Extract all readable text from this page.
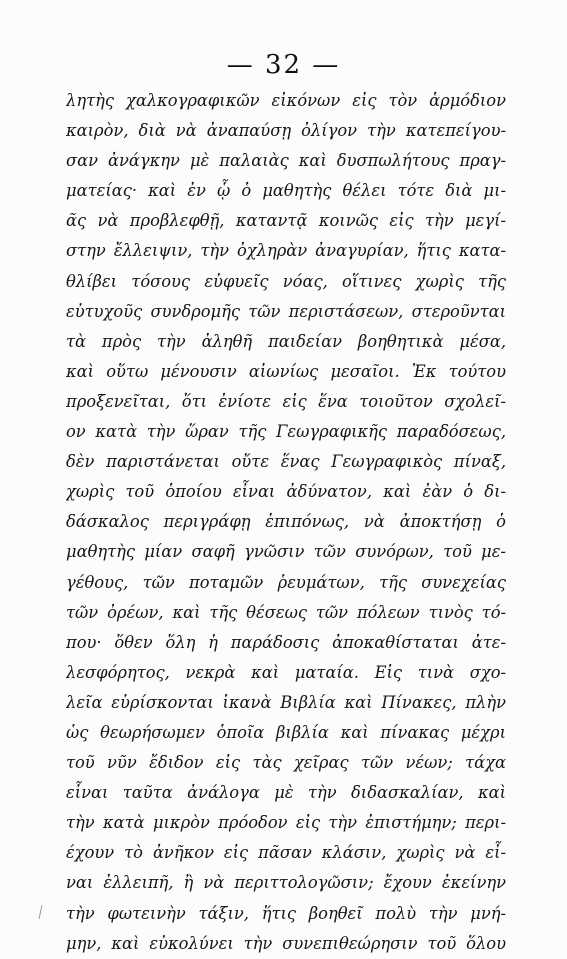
— 32 —
λητὴς χαλκογραφικῶν εἰκόνων εἰς τὸν ἁρμόδιον
καιρὸν, διὰ νὰ ἀναπαύσῃ ὀλίγον τὴν κατεπείγου-
σαν ἀνάγκην μὲ παλαιὰς καὶ δυσπωλήτους πραγ-
ματείας· καὶ ἐν ᾧ ὁ μαθητὴς θέλει τότε διὰ μι-
ᾶς νὰ προβλεφθῇ, καταντᾷ κοινῶς εἰς τὴν μεγί-
στην ἔλλειψιν, τὴν ὀχληρὰν ἀναγυρίαν, ἥτις κατα-
θλίβει τόσους εὐφυεῖς νόας, οἵτινες χωρὶς τῆς
εὐτυχοῦς συνδρομῆς τῶν περιστάσεων, στεροῦνται
τὰ πρὸς τὴν ἀληθῆ παιδείαν βοηθητικὰ μέσα,
καὶ οὕτω μένουσιν αἰωνίως μεσαῖοι. Ἐκ τούτου
προξενεῖται, ὅτι ἐνίοτε εἰς ἕνα τοιοῦτον σχολεῖ-
ον κατὰ τὴν ὥραν τῆς Γεωγραφικῆς παραδόσεως,
δὲν παριστάνεται οὔτε ἕνας Γεωγραφικὸς πίναξ,
χωρὶς τοῦ ὁποίου εἶναι ἀδύνατον, καὶ ἐὰν ὁ δι-
δάσκαλος περιγράφῃ ἐπιπόνως, νὰ ἀποκτήσῃ ὁ
μαθητὴς μίαν σαφῆ γνῶσιν τῶν συνόρων, τοῦ με-
γέθους, τῶν ποταμῶν ῥευμάτων, τῆς συνεχείας
τῶν ὀρέων, καὶ τῆς θέσεως τῶν πόλεων τινὸς τό-
που· ὅθεν ὅλη ἡ παράδοσις ἀποκαθίσταται ἀτε-
λεσφόρητος, νεκρὰ καὶ ματαία. Εἰς τινὰ σχο-
λεῖα εὑρίσκονται ἱκανὰ Βιβλία καὶ Πίνακες, πλὴν
ὡς θεωρήσωμεν ὁποῖα βιβλία καὶ πίνακας μέχρι
τοῦ νῦν ἔδιδον εἰς τὰς χεῖρας τῶν νέων; τάχα
εἶναι ταῦτα ἀνάλογα μὲ τὴν διδασκαλίαν, καὶ
τὴν κατὰ μικρὸν πρόοδον εἰς τὴν ἐπιστήμην; περι-
έχουν τὸ ἀνῆκον εἰς πᾶσαν κλάσιν, χωρὶς νὰ εἶ-
ναι ἐλλειπῆ, ἢ νὰ περιττολογῶσιν; ἔχουν ἐκείνην
τὴν φωτεινὴν τάξιν, ἥτις βοηθεῖ πολὺ τὴν μνή-
μην, καὶ εὐκολύνει τὴν συνεπιθεώρησιν τοῦ ὅλου
